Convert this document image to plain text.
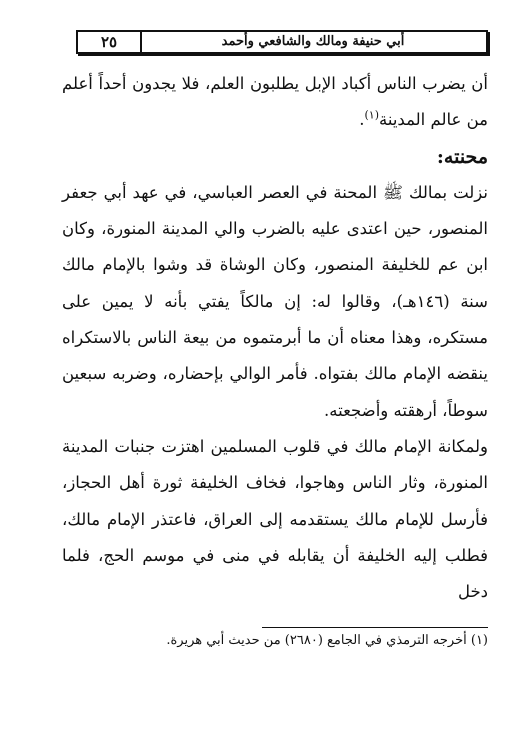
٢٥	أبي حنيفة ومالك والشافعي وأحمد

أن يضرب الناس أكباد الإبل يطلبون العلم، فلا يجدون أحداً أعلم من عالم المدينة$^{(١)}$.

محنته:

نزلت بمالك ﷺ المحنة في العصر العباسي، في عهد أبي جعفر المنصور، حين اعتدى عليه بالضرب والي المدينة المنورة، وكان ابن عم للخليفة المنصور، وكان الوشاة قد وشوا بالإمام مالك سنة (١٤٦هـ)، وقالوا له: إن مالكاً يفتي بأنه لا يمين على مستكره، وهذا معناه أن ما أبرمتموه من بيعة الناس بالاستكراه ينقضه الإمام مالك بفتواه. فأمر الوالي بإحضاره، وضربه سبعين سوطاً، أرهقته وأضجعته.

ولمكانة الإمام مالك في قلوب المسلمين اهتزت جنبات المدينة المنورة، وثار الناس وهاجوا، فخاف الخليفة ثورة أهل الحجاز، فأرسل للإمام مالك يستقدمه إلى العراق، فاعتذر الإمام مالك، فطلب إليه الخليفة أن يقابله في منى في موسم الحج، فلما دخل

(١) أخرجه الترمذي في الجامع (٢٦٨٠) من حديث أبي هريرة.
